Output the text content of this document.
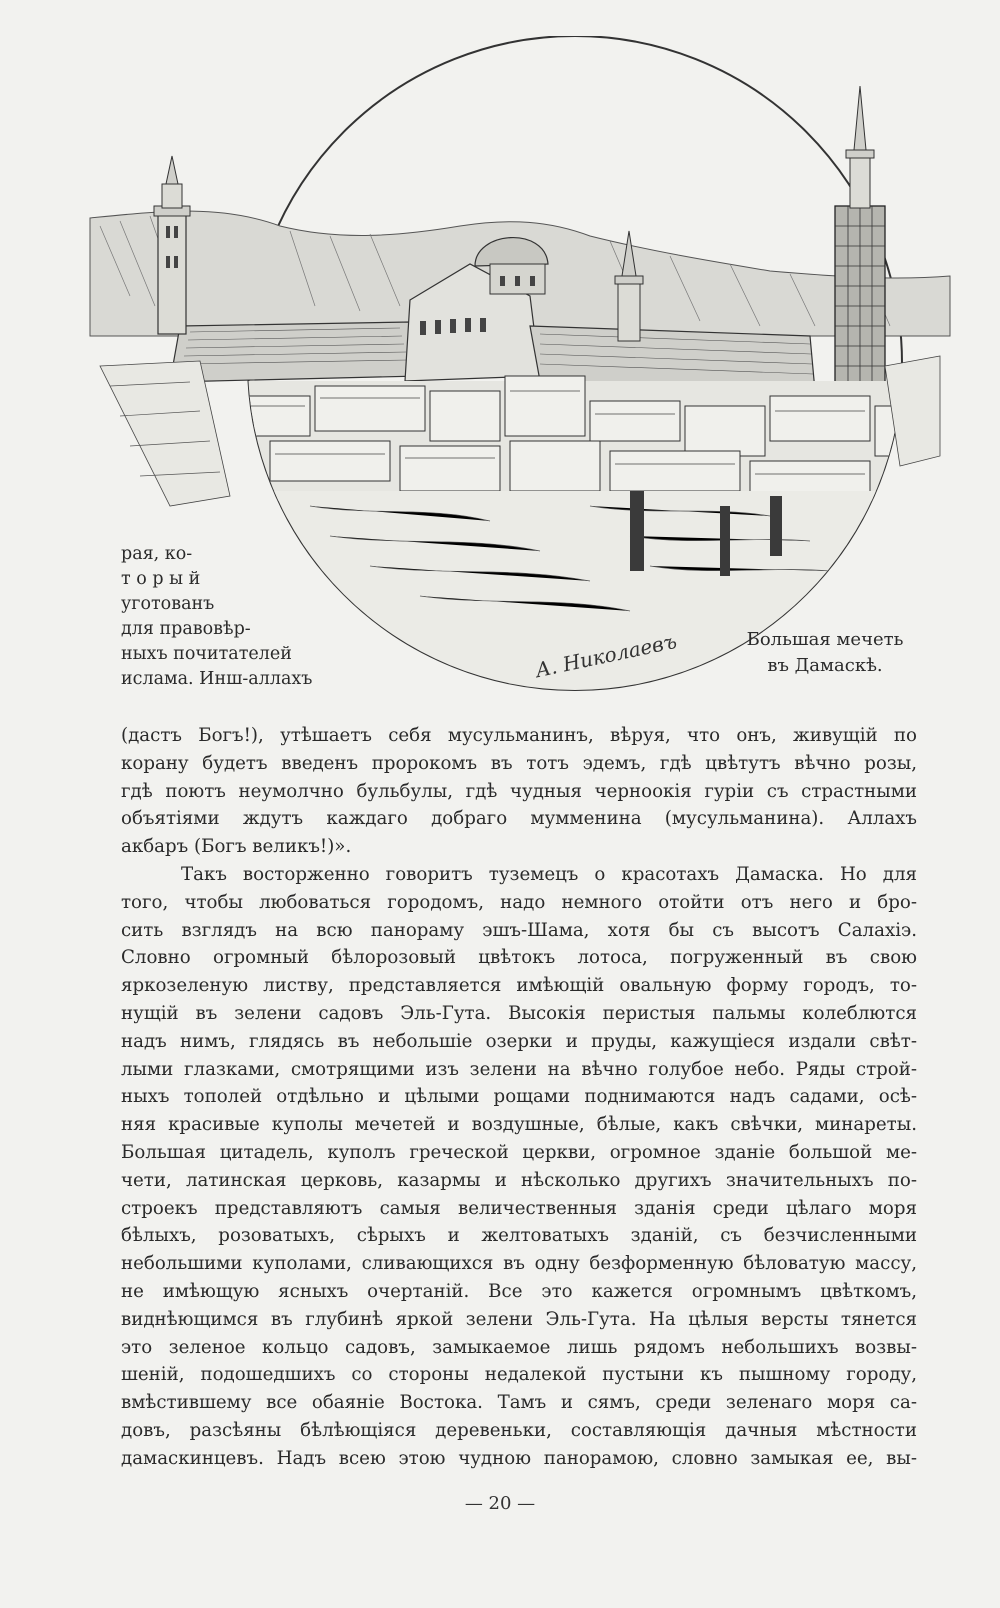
А. Николаевъ
рая, ко-
т о р ы й
уготованъ
для правовѣр-
ныхъ почитателей
ислама. Инш-аллахъ
Большая мечеть
въ Дамаскѣ.
(дастъ Богъ!), утѣшаетъ себя мусульманинъ, вѣруя, что онъ, живущій по
корану будетъ введенъ пророкомъ въ тотъ эдемъ, гдѣ цвѣтутъ вѣчно розы,
гдѣ поютъ неумолчно бульбулы, гдѣ чудныя черноокія гуріи съ страстными
объятіями ждутъ каждаго добраго мумменина (мусульманина). Аллахъ
акбаръ (Богъ великъ!)».
Такъ восторженно говоритъ туземецъ о красотахъ Дамаска. Но для
того, чтобы любоваться городомъ, надо немного отойти отъ него и бро-
сить взглядъ на всю панораму эшъ-Шама, хотя бы съ высотъ Салахіэ.
Словно огромный бѣлорозовый цвѣтокъ лотоса, погруженный въ свою
яркозеленую листву, представляется имѣющій овальную форму городъ, то-
нущій въ зелени садовъ Эль-Гута. Высокія перистыя пальмы колеблются
надъ нимъ, глядясь въ небольшіе озерки и пруды, кажущіеся издали свѣт-
лыми глазками, смотрящими изъ зелени на вѣчно голубое небо. Ряды строй-
ныхъ тополей отдѣльно и цѣлыми рощами поднимаются надъ садами, осѣ-
няя красивые куполы мечетей и воздушные, бѣлые, какъ свѣчки, минареты.
Большая цитадель, куполъ греческой церкви, огромное зданіе большой ме-
чети, латинская церковь, казармы и нѣсколько другихъ значительныхъ по-
строекъ представляютъ самыя величественныя зданія среди цѣлаго моря
бѣлыхъ, розоватыхъ, сѣрыхъ и желтоватыхъ зданій, съ безчисленными
небольшими куполами, сливающихся въ одну безформенную бѣловатую массу,
не имѣющую ясныхъ очертаній. Все это кажется огромнымъ цвѣткомъ,
виднѣющимся въ глубинѣ яркой зелени Эль-Гута. На цѣлыя версты тянется
это зеленое кольцо садовъ, замыкаемое лишь рядомъ небольшихъ возвы-
шеній, подошедшихъ со стороны недалекой пустыни къ пышному городу,
вмѣстившему все обаяніе Востока. Тамъ и сямъ, среди зеленаго моря са-
довъ, разсѣяны бѣлѣющіяся деревеньки, составляющія дачныя мѣстности
дамаскинцевъ. Надъ всею этою чудною панорамою, словно замыкая ее, вы-
— 20 —
